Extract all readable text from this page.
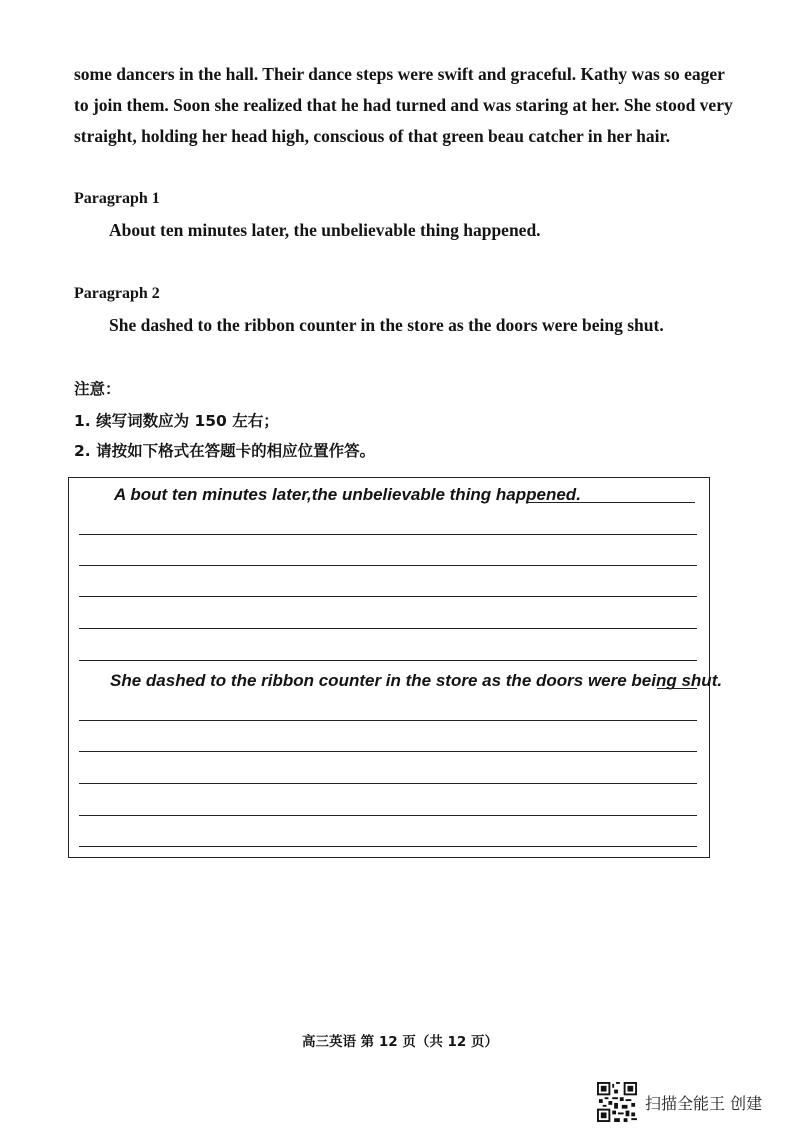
some dancers in the hall. Their dance steps were swift and graceful. Kathy was so eager
to join them. Soon she realized that he had turned and was staring at her. She stood very
straight, holding her head high, conscious of that green beau catcher in her hair.
Paragraph 1
About ten minutes later, the unbelievable thing happened.
Paragraph 2
She dashed to the ribbon counter in the store as the doors were being shut.
注意：
1. 续写词数应为 150 左右；
2. 请按如下格式在答题卡的相应位置作答。
A bout ten minutes later,the unbelievable thing happened.
She dashed to the ribbon counter in the store as the doors were being shut.
高三英语 第 12 页（共 12 页）
扫描全能王 创建
